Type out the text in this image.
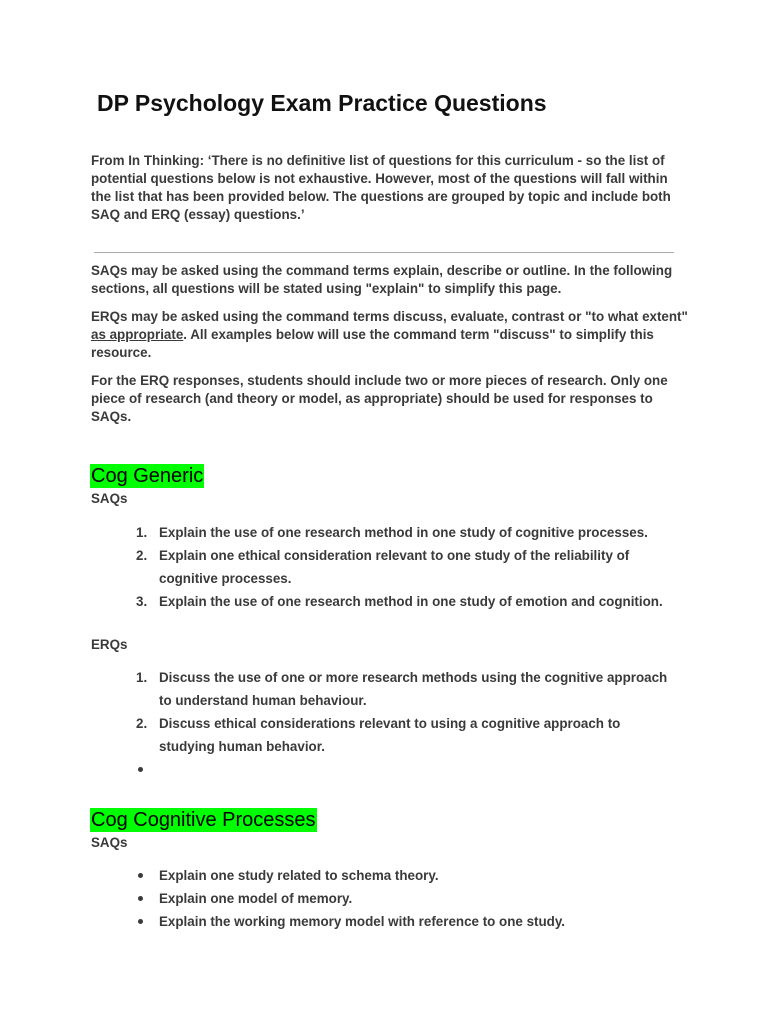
DP Psychology Exam Practice Questions

From In Thinking: ‘There is no definitive list of questions for this curriculum - so the list of potential questions below is not exhaustive. However, most of the questions will fall within the list that has been provided below. The questions are grouped by topic and include both SAQ and ERQ (essay) questions.’

SAQs may be asked using the command terms explain, describe or outline. In the following sections, all questions will be stated using "explain" to simplify this page.

ERQs may be asked using the command terms discuss, evaluate, contrast or "to what extent" as appropriate. All examples below will use the command term "discuss" to simplify this resource.

For the ERQ responses, students should include two or more pieces of research. Only one piece of research (and theory or model, as appropriate) should be used for responses to SAQs.

Cog Generic
SAQs
1. Explain the use of one research method in one study of cognitive processes.
2. Explain one ethical consideration relevant to one study of the reliability of cognitive processes.
3. Explain the use of one research method in one study of emotion and cognition.
ERQs
1. Discuss the use of one or more research methods using the cognitive approach to understand human behaviour.
2. Discuss ethical considerations relevant to using a cognitive approach to studying human behavior.

Cog Cognitive Processes
SAQs
Explain one study related to schema theory.
Explain one model of memory.
Explain the working memory model with reference to one study.
